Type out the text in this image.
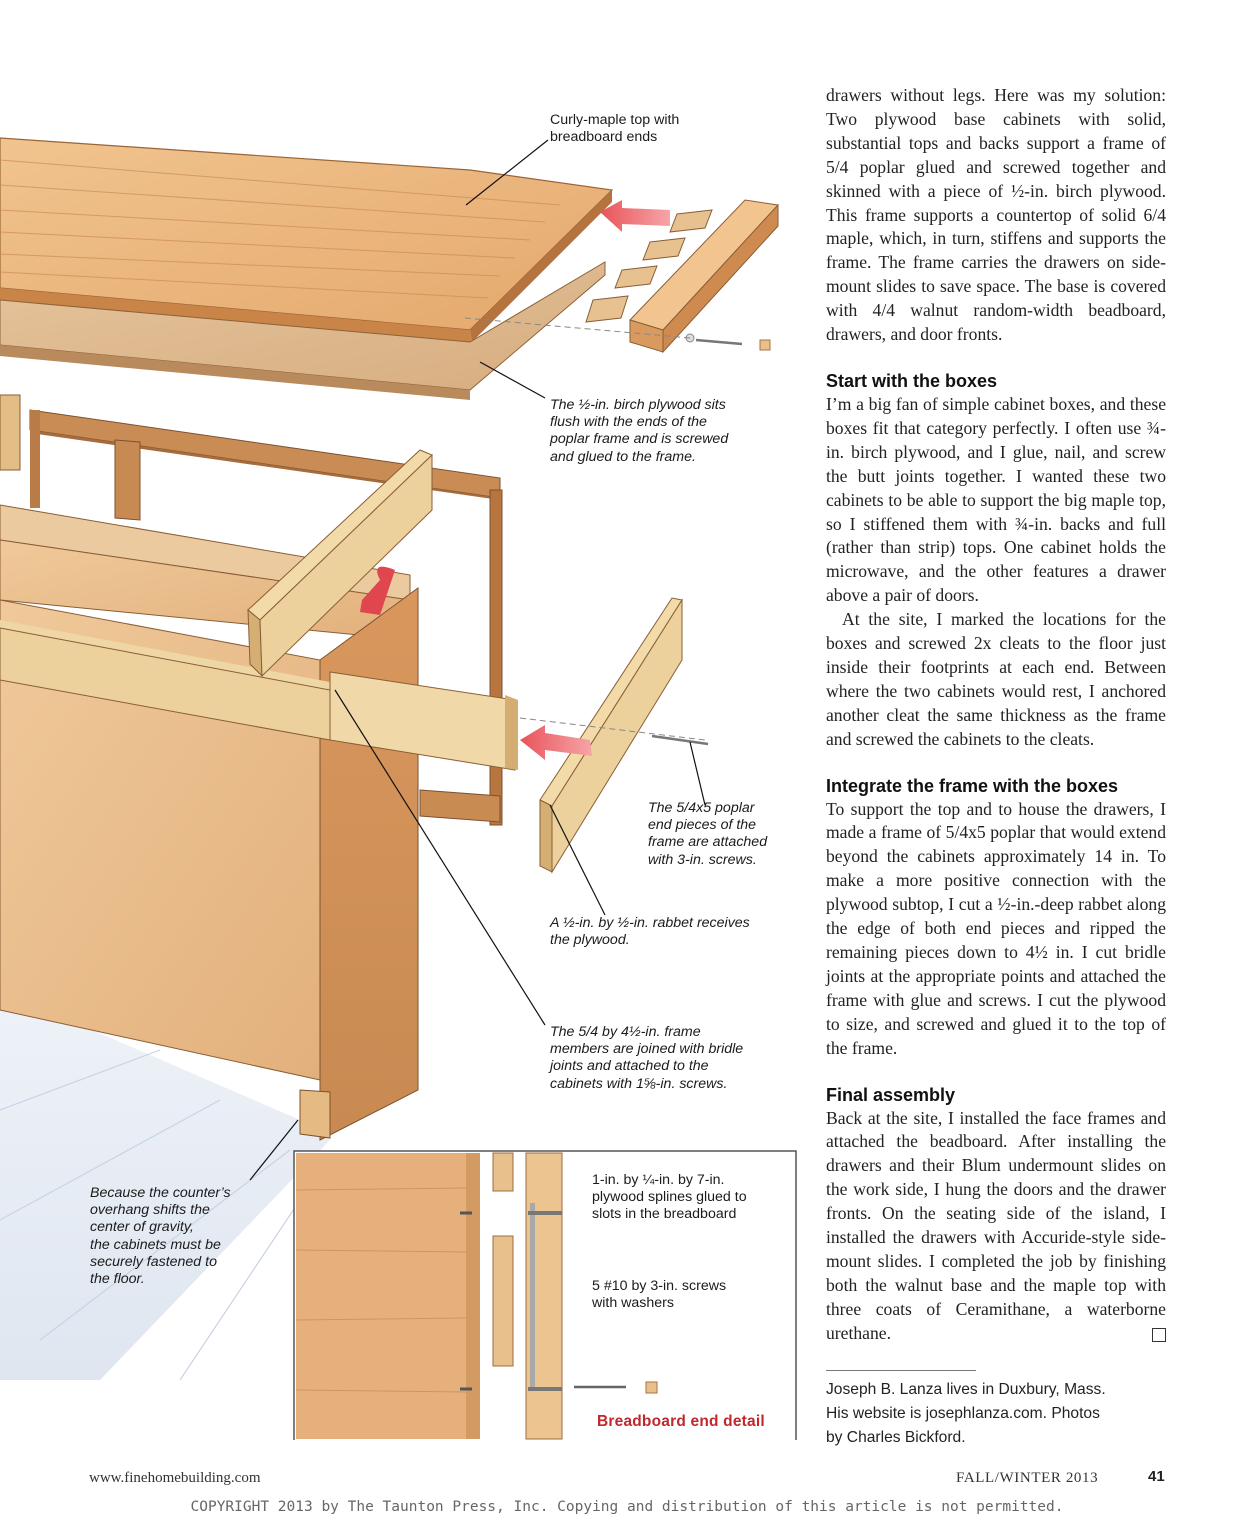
Curly-maple top with
breadboard ends
The ½-in. birch plywood sits
flush with the ends of the
poplar frame and is screwed
and glued to the frame.
The 5/4x5 poplar
end pieces of the
frame are attached
with 3-in. screws.
A ½-in. by ½-in. rabbet receives
the plywood.
The 5/4 by 4½-in. frame
members are joined with bridle
joints and attached to the
cabinets with 1⅝-in. screws.
Because the counter’s
overhang shifts the
center of gravity,
the cabinets must be
securely fastened to
the floor.
1-in. by ¼-in. by 7-in.
plywood splines glued to
slots in the breadboard
5 #10 by 3-in. screws
with washers
Breadboard end detail

drawers without legs. Here was my solution: Two plywood base cabinets with solid, substantial tops and backs support a frame of 5/4 poplar glued and screwed together and skinned with a piece of ½-in. birch plywood. This frame supports a countertop of solid 6/4 maple, which, in turn, stiffens and supports the frame. The frame carries the drawers on side-mount slides to save space. The base is covered with 4/4 walnut random-width beadboard, drawers, and door fronts.

Start with the boxes

I’m a big fan of simple cabinet boxes, and these boxes fit that category perfectly. I often use ¾-in. birch plywood, and I glue, nail, and screw the butt joints together. I wanted these two cabinets to be able to support the big maple top, so I stiffened them with ¾-in. backs and full (rather than strip) tops. One cabinet holds the microwave, and the other features a drawer above a pair of doors.

At the site, I marked the locations for the boxes and screwed 2x cleats to the floor just inside their footprints at each end. Between where the two cabinets would rest, I anchored another cleat the same thickness as the frame and screwed the cabinets to the cleats.

Integrate the frame with the boxes

To support the top and to house the drawers, I made a frame of 5/4x5 poplar that would extend beyond the cabinets approximately 14 in. To make a more positive connection with the plywood subtop, I cut a ½-in.-deep rabbet along the edge of both end pieces and ripped the remaining pieces down to 4½ in. I cut bridle joints at the appropriate points and attached the frame with glue and screws. I cut the plywood to size, and screwed and glued it to the top of the frame.

Final assembly

Back at the site, I installed the face frames and attached the beadboard. After installing the drawers and their Blum undermount slides on the work side, I hung the doors and the drawer fronts. On the seating side of the island, I installed the drawers with Accuride-style side-mount slides. I completed the job by finishing both the walnut base and the maple top with three coats of Ceramithane, a waterborne urethane.

Joseph B. Lanza lives in Duxbury, Mass.
His website is josephlanza.com. Photos
by Charles Bickford.
www.finehomebuilding.com	FALL/WINTER 2013	41
COPYRIGHT 2013 by The Taunton Press, Inc. Copying and distribution of this article is not permitted.
